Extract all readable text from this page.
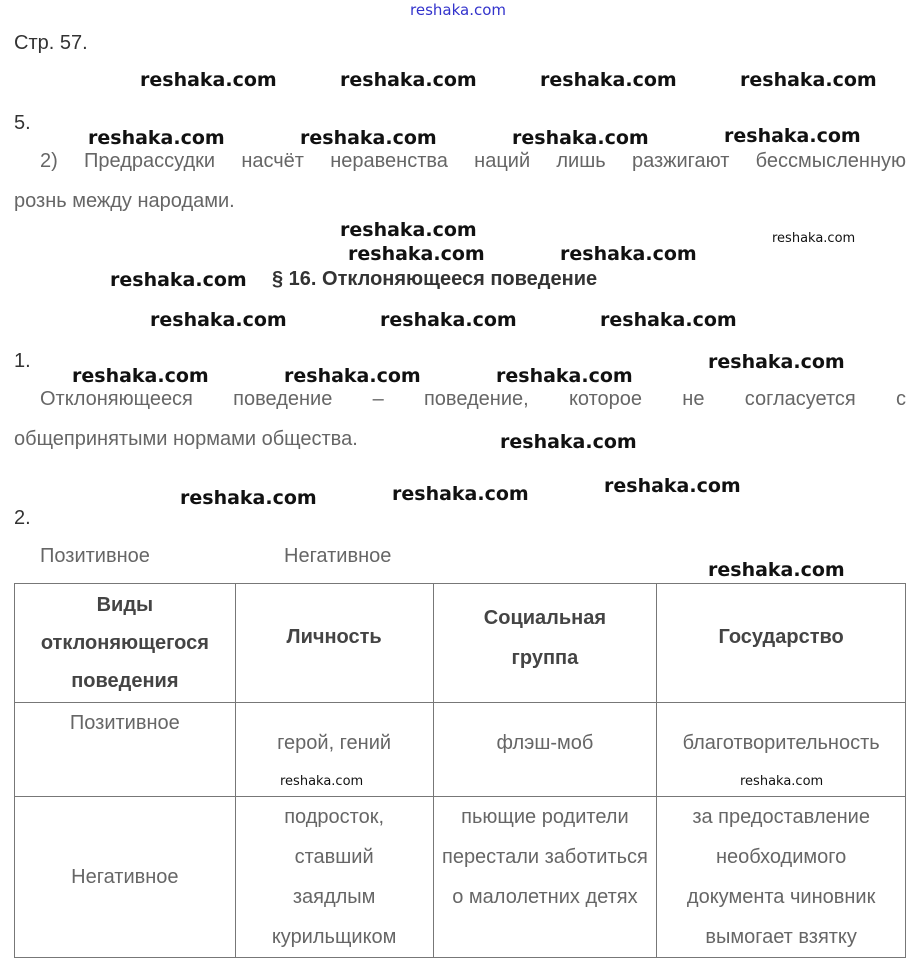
reshaka.com
Стр. 57.
5.
2) Предрассудки насчёт неравенства наций лишь разжигают бессмысленную
рознь между народами.
§ 16. Отклоняющееся поведение
1.
Отклоняющееся поведение – поведение, которое не согласуется с
общепринятыми нормами общества.
2.
Позитивное	Негативное
Виды отклоняющегося поведения	Личность	Социальная группа	Государство
Позитивное	герой, гений	флэш-моб	благотворительность
Негативное	подросток, ставший заядлым курильщиком	пьющие родители перестали заботиться о малолетних детях	за предоставление необходимого документа чиновник вымогает взятку
reshaka.com	reshaka.com	reshaka.com	reshaka.com
reshaka.com
reshaka.com	reshaka.com
reshaka.com
reshaka.com
reshaka.com	reshaka.com	reshaka.com
reshaka.com
reshaka.com
reshaka.com
reshaka.com
reshaka.com	reshaka.com	reshaka.com	reshaka.com
reshaka.com
reshaka.com
reshaka.com
reshaka.com	reshaka.com
reshaka.com
reshaka.com
